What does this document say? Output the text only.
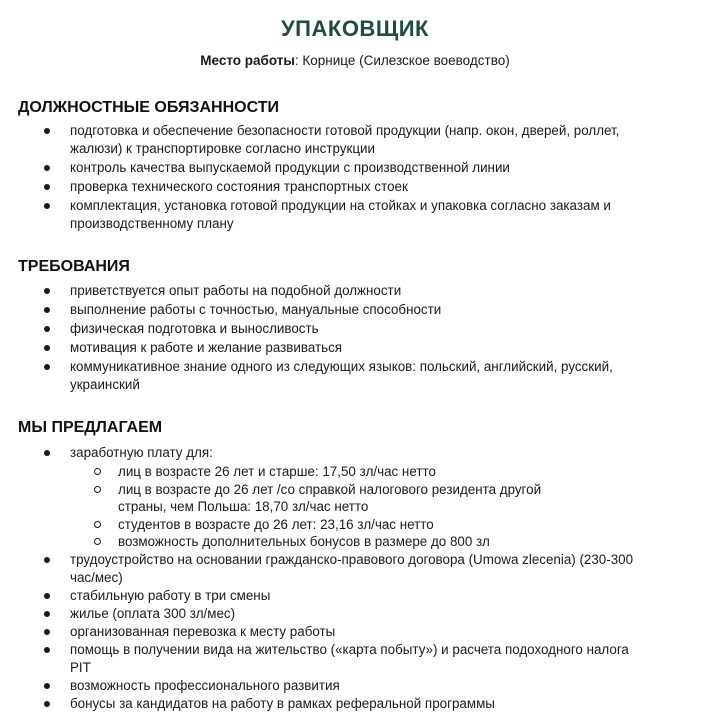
УПАКОВЩИК
Место работы: Корнице (Силезское воеводство)
ДОЛЖНОСТНЫЕ ОБЯЗАННОСТИ
подготовка и обеспечение безопасности готовой продукции (напр. окон, дверей, роллет, жалюзи) к транспортировке согласно инструкции
контроль качества выпускаемой продукции с производственной линии
проверка технического состояния транспортных стоек
комплектация, установка готовой продукции на стойках и упаковка согласно заказам и производственному плану
ТРЕБОВАНИЯ
приветствуется опыт работы на подобной должности
выполнение работы с точностью, мануальные способности
физическая подготовка и выносливость
мотивация к работе и желание развиваться
коммуникативное знание одного из следующих языков: польский, английский, русский, украинский
МЫ ПРЕДЛАГАЕМ
заработную плату для:
лиц в возрасте 26 лет и старше: 17,50 зл/час нетто
лиц в возрасте до 26 лет /со справкой налогового резидента другой страны, чем Польша: 18,70 зл/час нетто
студентов в возрасте до 26 лет: 23,16 зл/час нетто
возможность дополнительных бонусов в размере до 800 зл
трудоустройство на основании гражданско-правового договора (Umowa zlecenia) (230-300 час/мес)
стабильную работу в три смены
жилье (оплата 300 зл/мес)
организованная перевозка к месту работы
помощь в получении вида на жительство («карта побыту») и расчета подоходного налога PIT
возможность профессионального развития
бонусы за кандидатов на работу в рамках реферальной программы
